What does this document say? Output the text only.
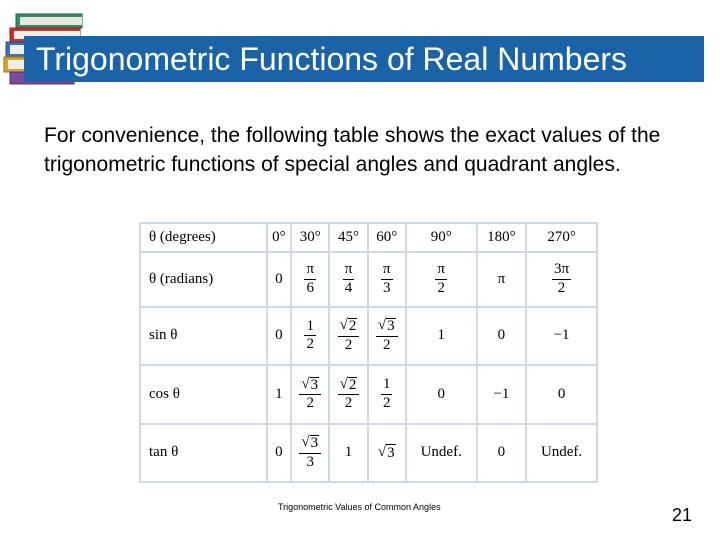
Trigonometric Functions of Real Numbers
For convenience, the following table shows the exact values of the trigonometric functions of special angles and quadrant angles.
θ (degrees)	0°	30°	45°	60°	90°	180°	270°
θ (radians)	0	$\frac{\pi}{6}$	$\frac{\pi}{4}$	$\frac{\pi}{3}$	$\frac{\pi}{2}$	π	$\frac{3\pi}{2}$

sin θ	0	$\frac{1}{2}$	$\frac{√ 2}{2}$	$\frac{√ 3}{2}$	1	0	−1
cos θ	1	$\frac{√ 3}{2}$	$\frac{√ 2}{2}$	$\frac{1}{2}$	0	−1	0
tan θ	0	$\frac{√ 3}{3}$	1	√ 3	Undef.	0	Undef.
Trigonometric Values of Common Angles	21
